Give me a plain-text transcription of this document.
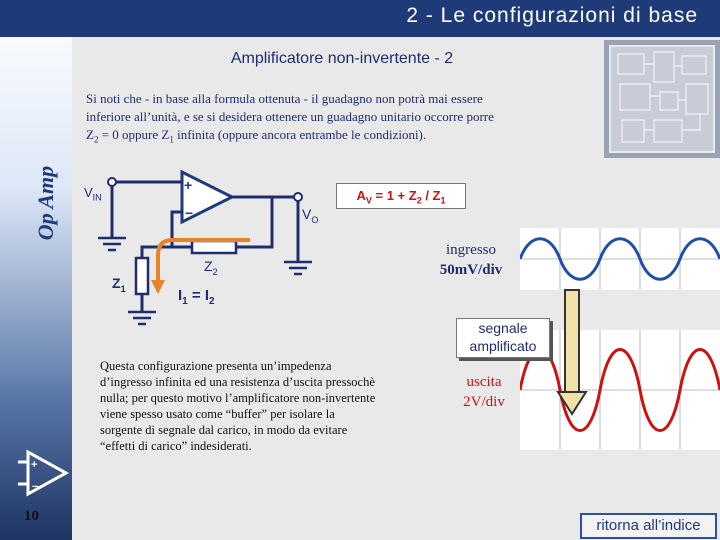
2 - Le configurazioni di base
Amplificatore non-invertente - 2
Op Amp
Si noti che - in base alla formula ottenuta - il guadagno non potrà mai essere
inferiore all’unità, e se si desidera ottenere un guadagno unitario occorre porre
$Z_2 = 0$ oppure $Z_1$ infinita (oppure ancora entrambe le condizioni).
+
−
$V_{IN}$
$V_O$
$Z_2$
$Z_1$	$I_1 = I_2$
$A_V = 1 + Z_2 / Z_1$
ingresso
50mV/div
segnale
amplificato
uscita
2V/div
Questa configurazione presenta un’impedenza
d’ingresso infinita ed una resistenza d’uscita pressochè
nulla; per questo motivo l’amplificatore non-invertente
viene spesso usato come “buffer” per isolare la
sorgente di segnale dal carico, in modo da evitare
“effetti di carico” indesiderati.
+
−
10
ritorna all’indice
